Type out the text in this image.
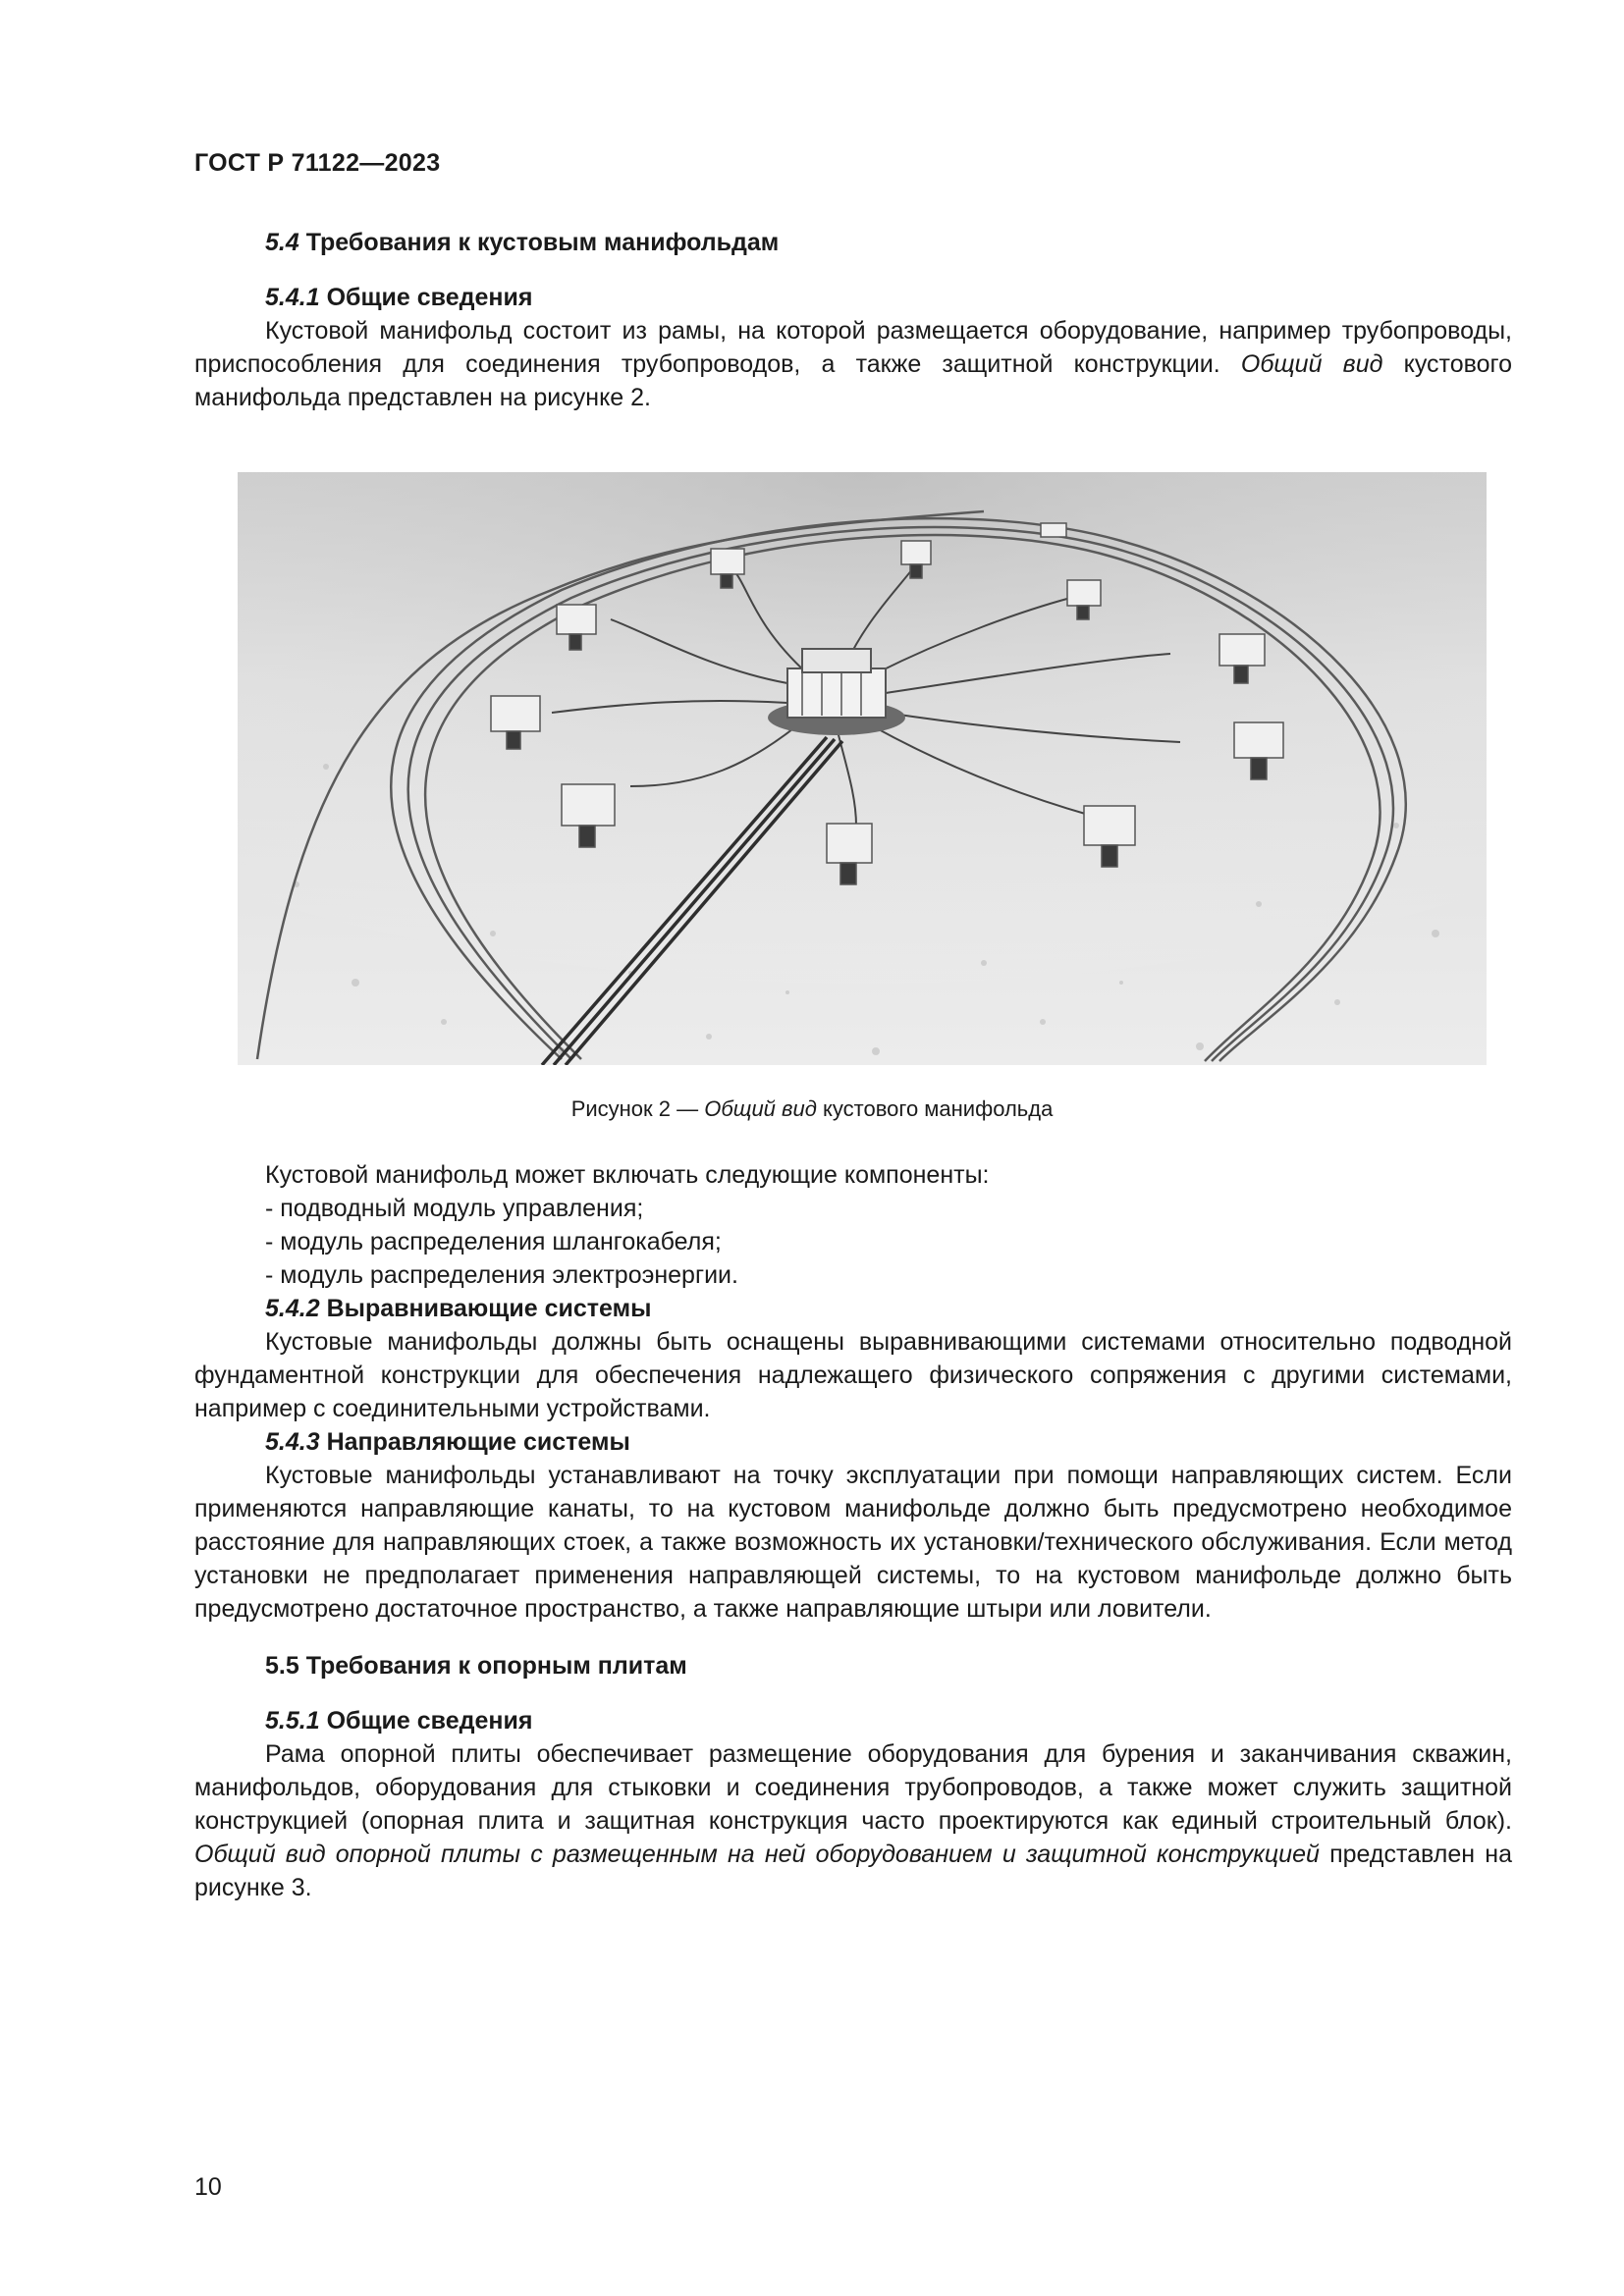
ГОСТ Р 71122—2023

5.4 Требования к кустовым манифольдам

5.4.1 Общие сведения

Кустовой манифольд состоит из рамы, на которой размещается оборудование, например трубопроводы, приспособления для соединения трубопроводов, а также защитной конструкции. Общий вид кустового манифольда представлен на рисунке 2.

Рисунок 2 — Общий вид кустового манифольда

Кустовой манифольд может включать следующие компоненты:

- подводный модуль управления;

- модуль распределения шлангокабеля;

- модуль распределения электроэнергии.

5.4.2 Выравнивающие системы

Кустовые манифольды должны быть оснащены выравнивающими системами относительно подводной фундаментной конструкции для обеспечения надлежащего физического сопряжения с другими системами, например с соединительными устройствами.

5.4.3 Направляющие системы

Кустовые манифольды устанавливают на точку эксплуатации при помощи направляющих систем. Если применяются направляющие канаты, то на кустовом манифольде должно быть предусмотрено необходимое расстояние для направляющих стоек, а также возможность их установки/технического обслуживания. Если метод установки не предполагает применения направляющей системы, то на кустовом манифольде должно быть предусмотрено достаточное пространство, а также направляющие штыри или ловители.

5.5 Требования к опорным плитам

5.5.1 Общие сведения

Рама опорной плиты обеспечивает размещение оборудования для бурения и заканчивания скважин, манифольдов, оборудования для стыковки и соединения трубопроводов, а также может служить защитной конструкцией (опорная плита и защитная конструкция часто проектируются как единый строительный блок). Общий вид опорной плиты с размещенным на ней оборудованием и защитной конструкцией представлен на рисунке 3.

10
